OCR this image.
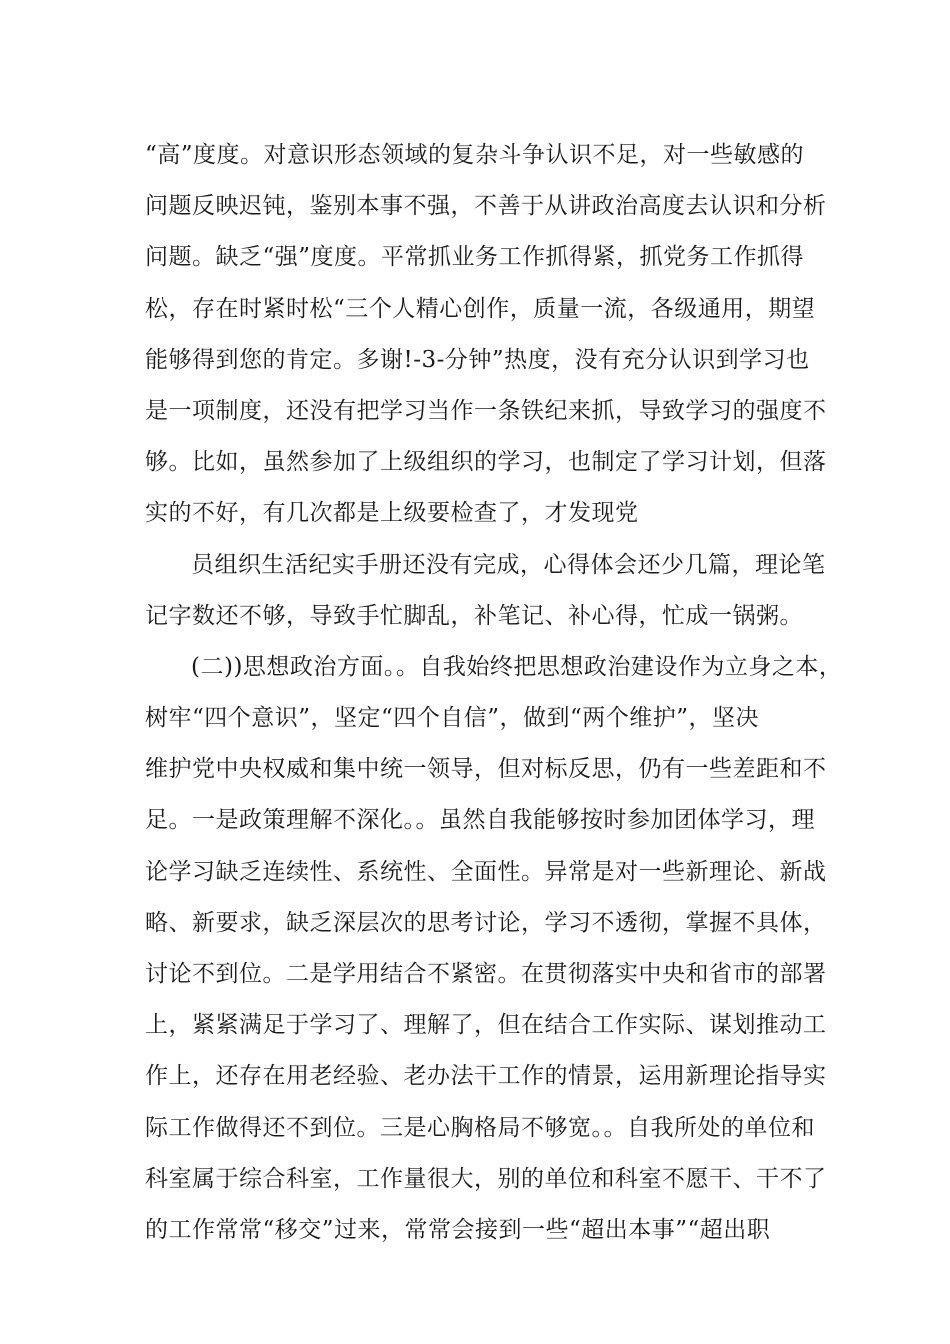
“高”度度。对意识形态领域的复杂斗争认识不足，对一些敏感的
问题反映迟钝，鉴别本事不强，不善于从讲政治高度去认识和分析
问题。缺乏“强”度度。平常抓业务工作抓得紧，抓党务工作抓得
松，存在时紧时松“三个人精心创作，质量一流，各级通用，期望
能够得到您的肯定。多谢!-3-分钟”热度，没有充分认识到学习也
是一项制度，还没有把学习当作一条铁纪来抓，导致学习的强度不
够。比如，虽然参加了上级组织的学习，也制定了学习计划，但落
实的不好，有几次都是上级要检查了，才发现党
员组织生活纪实手册还没有完成，心得体会还少几篇，理论笔
记字数还不够，导致手忙脚乱，补笔记、补心得，忙成一锅粥。
(二))思想政治方面。。自我始终把思想政治建设作为立身之本，
树牢“四个意识”，坚定“四个自信”，做到“两个维护”，坚决
维护党中央权威和集中统一领导，但对标反思，仍有一些差距和不
足。一是政策理解不深化。。虽然自我能够按时参加团体学习，理
论学习缺乏连续性、系统性、全面性。异常是对一些新理论、新战
略、新要求，缺乏深层次的思考讨论，学习不透彻，掌握不具体，
讨论不到位。二是学用结合不紧密。在贯彻落实中央和省市的部署
上，紧紧满足于学习了、理解了，但在结合工作实际、谋划推动工
作上，还存在用老经验、老办法干工作的情景，运用新理论指导实
际工作做得还不到位。三是心胸格局不够宽。。自我所处的单位和
科室属于综合科室，工作量很大，别的单位和科室不愿干、干不了
的工作常常“移交”过来，常常会接到一些“超出本事”“超出职
